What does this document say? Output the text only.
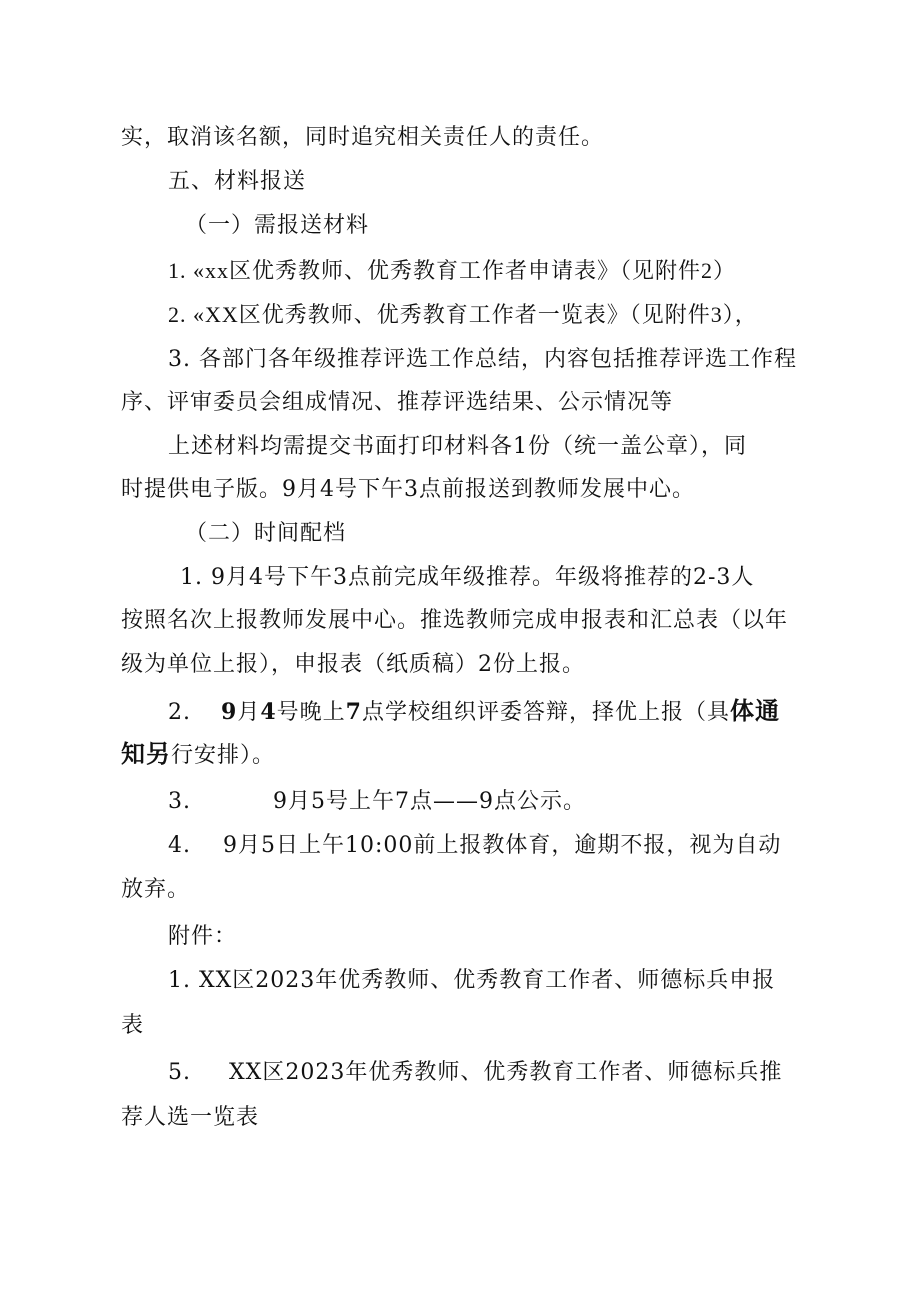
实，取消该名额，同时追究相关责任人的责任。
五、材料报送
（一）需报送材料
1. «xx区优秀教师、优秀教育工作者申请表》（见附件2）
2. «XX区优秀教师、优秀教育工作者一览表》（见附件3），
3. 各部门各年级推荐评选工作总结，内容包括推荐评选工作程
序、评审委员会组成情况、推荐评选结果、公示情况等
上述材料均需提交书面打印材料各1份（统一盖公章），同
时提供电子版。9月4号下午3点前报送到教师发展中心。
（二）时间配档
1. 9月4号下午3点前完成年级推荐。年级将推荐的2-3人
按照名次上报教师发展中心。推选教师完成申报表和汇总表（以年
级为单位上报），申报表（纸质稿）2份上报。
2. 9月4号晚上7点学校组织评委答辩，择优上报（具体通
知另行安排）。
3.	9月5号上午7点——9点公示。
4. 9月5日上午10:00前上报教体育，逾期不报，视为自动
放弃。
附件：
1. XX区2023年优秀教师、优秀教育工作者、师德标兵申报
表
5. XX区2023年优秀教师、优秀教育工作者、师德标兵推
荐人选一览表
